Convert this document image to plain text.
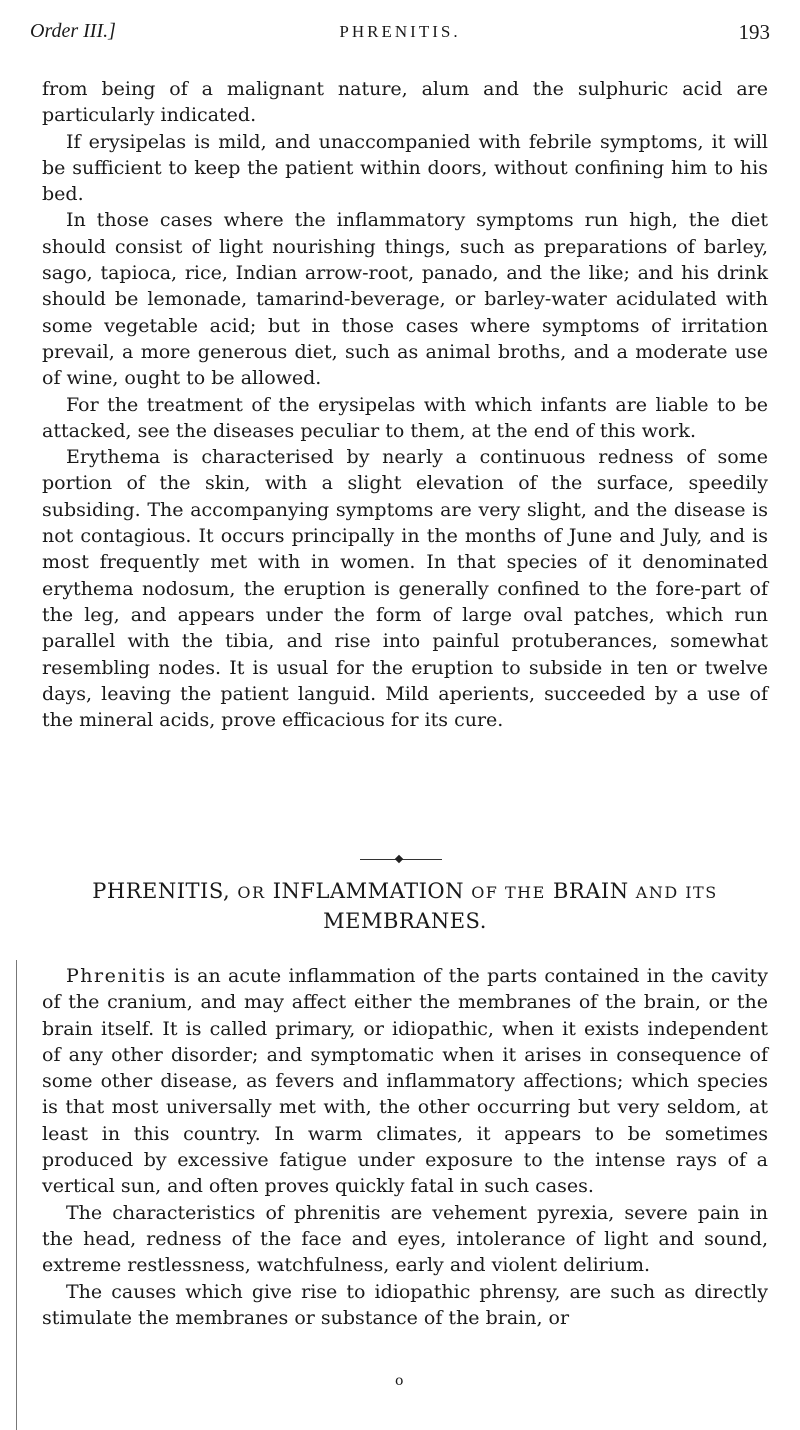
Order III.]	PHRENITIS.	193

from being of a malignant nature, alum and the sulphuric acid are particularly indicated.

If erysipelas is mild, and unaccompanied with febrile symptoms, it will be sufficient to keep the patient within doors, without confining him to his bed.

In those cases where the inflammatory symptoms run high, the diet should consist of light nourishing things, such as preparations of barley, sago, tapioca, rice, Indian arrow-root, panado, and the like; and his drink should be lemonade, tamarind-beverage, or barley-water acidulated with some vegetable acid; but in those cases where symptoms of irritation prevail, a more generous diet, such as animal broths, and a moderate use of wine, ought to be allowed.

For the treatment of the erysipelas with which infants are liable to be attacked, see the diseases peculiar to them, at the end of this work.

Erythema is characterised by nearly a continuous redness of some portion of the skin, with a slight elevation of the surface, speedily subsiding. The accompanying symptoms are very slight, and the disease is not contagious. It occurs principally in the months of June and July, and is most frequently met with in women. In that species of it denominated erythema nodosum, the eruption is generally confined to the fore-part of the leg, and appears under the form of large oval patches, which run parallel with the tibia, and rise into painful protuberances, somewhat resembling nodes. It is usual for the eruption to subside in ten or twelve days, leaving the patient languid. Mild aperients, succeeded by a use of the mineral acids, prove efficacious for its cure.

PHRENITIS, OR INFLAMMATION OF THE BRAIN AND ITS
MEMBRANES.

Phrenitis is an acute inflammation of the parts contained in the cavity of the cranium, and may affect either the membranes of the brain, or the brain itself. It is called primary, or idiopathic, when it exists independent of any other disorder; and symptomatic when it arises in consequence of some other disease, as fevers and inflammatory affections; which species is that most universally met with, the other occurring but very seldom, at least in this country. In warm climates, it appears to be sometimes produced by excessive fatigue under exposure to the intense rays of a vertical sun, and often proves quickly fatal in such cases.

The characteristics of phrenitis are vehement pyrexia, severe pain in the head, redness of the face and eyes, intolerance of light and sound, extreme restlessness, watchfulness, early and violent delirium.

The causes which give rise to idiopathic phrensy, are such as directly stimulate the membranes or substance of the brain, or

o
